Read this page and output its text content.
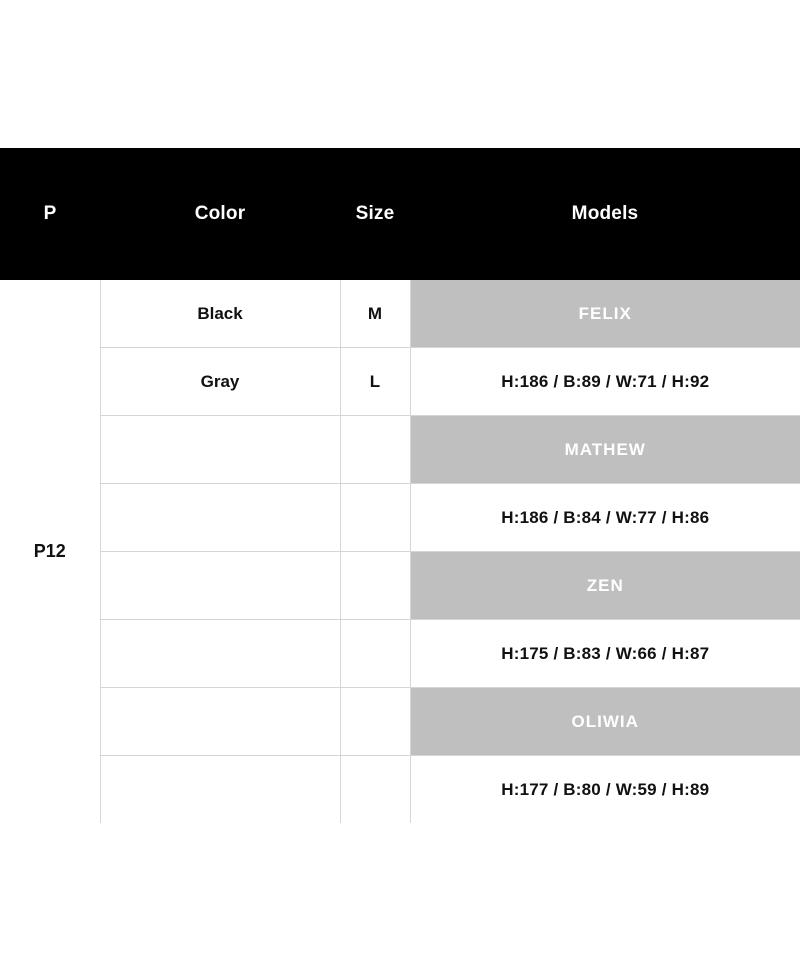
P	Color	Size	Models
P12	Black	M	FELIX
	Gray	L	H:186 / B:89 / W:71 / H:92
			MATHEW
			H:186 / B:84 / W:77 / H:86
			ZEN
			H:175 / B:83 / W:66 / H:87
			OLIWIA
			H:177 / B:80 / W:59 / H:89
